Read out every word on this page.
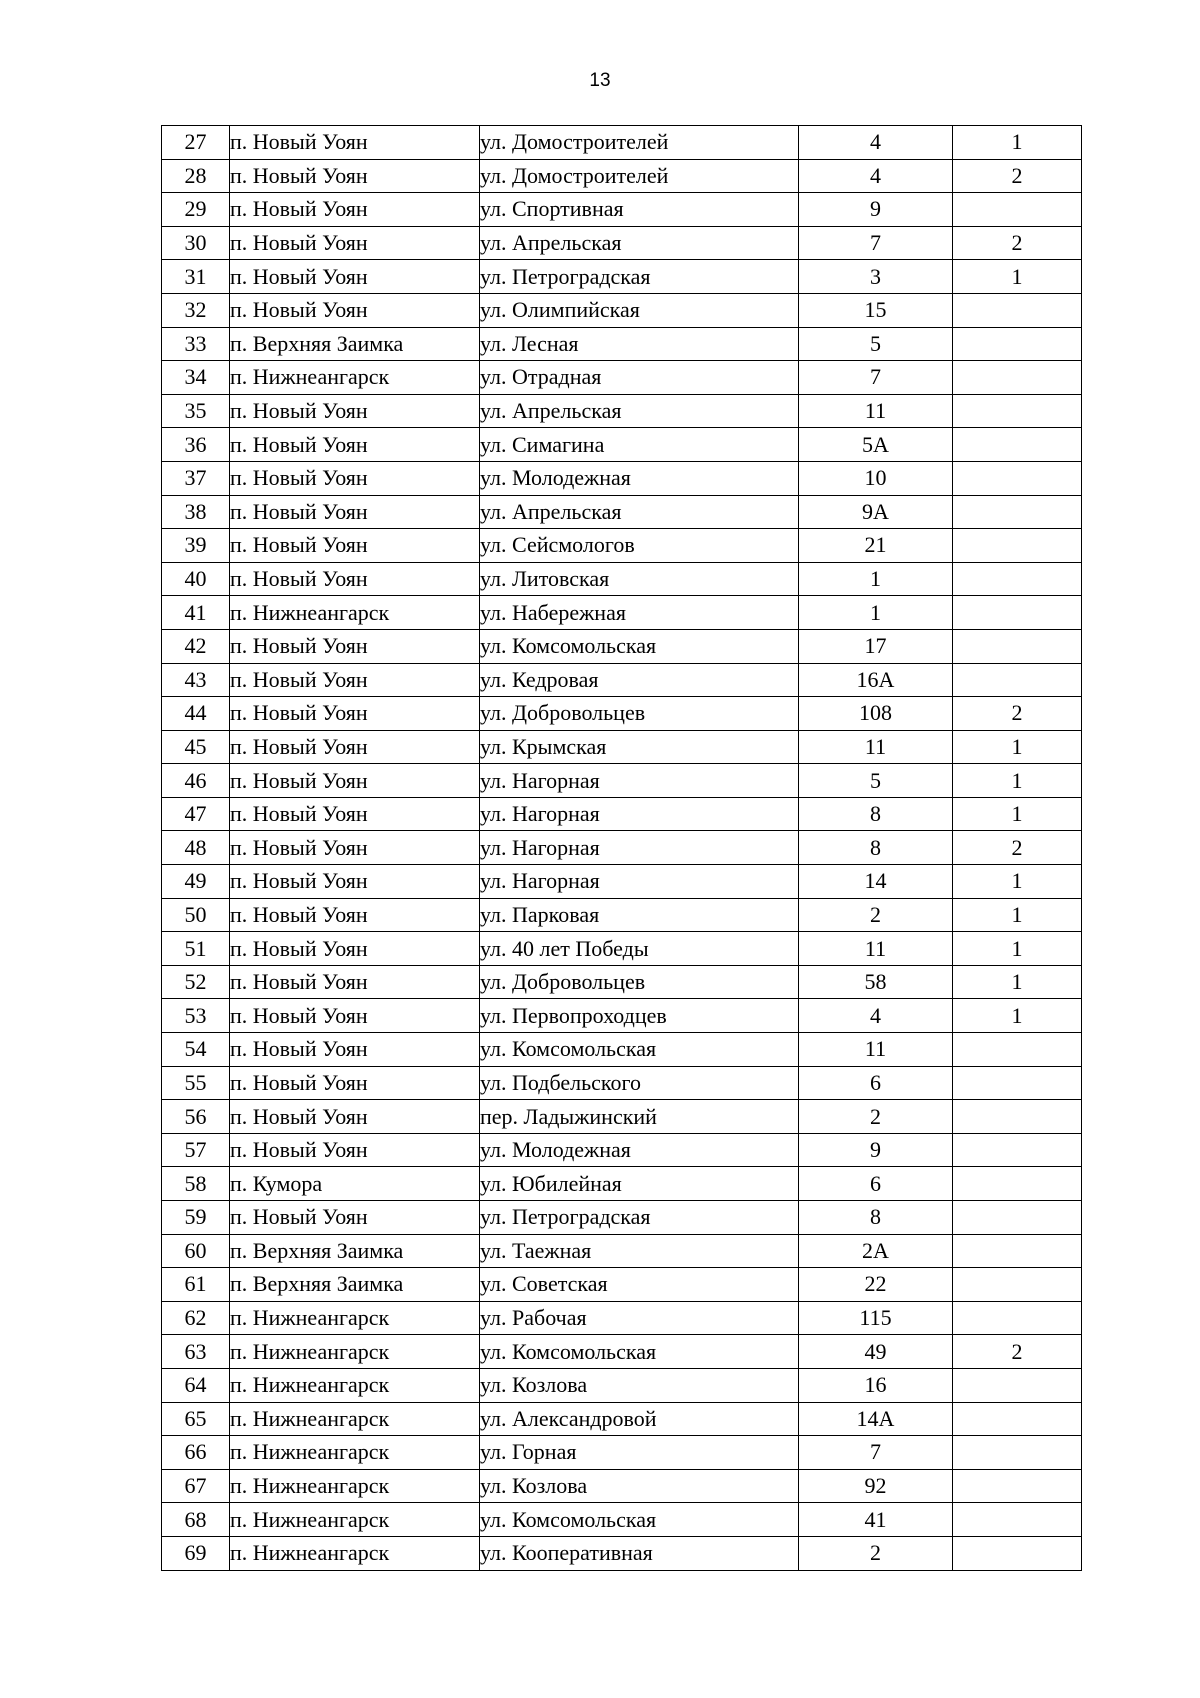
13
27	п. Новый Уоян	ул. Домостроителей	4	1
28	п. Новый Уоян	ул. Домостроителей	4	2
29	п. Новый Уоян	ул. Спортивная	9	
30	п. Новый Уоян	ул. Апрельская	7	2
31	п. Новый Уоян	ул. Петроградская	3	1
32	п. Новый Уоян	ул. Олимпийская	15	
33	п. Верхняя Заимка	ул. Лесная	5	
34	п. Нижнеангарск	ул. Отрадная	7	
35	п. Новый Уоян	ул. Апрельская	11	
36	п. Новый Уоян	ул. Симагина	5А	
37	п. Новый Уоян	ул. Молодежная	10	
38	п. Новый Уоян	ул. Апрельская	9А	
39	п. Новый Уоян	ул. Сейсмологов	21	
40	п. Новый Уоян	ул. Литовская	1	
41	п. Нижнеангарск	ул. Набережная	1	
42	п. Новый Уоян	ул. Комсомольская	17	
43	п. Новый Уоян	ул. Кедровая	16А	
44	п. Новый Уоян	ул. Добровольцев	108	2
45	п. Новый Уоян	ул. Крымская	11	1
46	п. Новый Уоян	ул. Нагорная	5	1
47	п. Новый Уоян	ул. Нагорная	8	1
48	п. Новый Уоян	ул. Нагорная	8	2
49	п. Новый Уоян	ул. Нагорная	14	1
50	п. Новый Уоян	ул. Парковая	2	1
51	п. Новый Уоян	ул. 40 лет Победы	11	1
52	п. Новый Уоян	ул. Добровольцев	58	1
53	п. Новый Уоян	ул. Первопроходцев	4	1
54	п. Новый Уоян	ул. Комсомольская	11	
55	п. Новый Уоян	ул. Подбельского	6	
56	п. Новый Уоян	пер. Ладыжинский	2	
57	п. Новый Уоян	ул. Молодежная	9	
58	п. Кумора	ул. Юбилейная	6	
59	п. Новый Уоян	ул. Петроградская	8	
60	п. Верхняя Заимка	ул. Таежная	2А	
61	п. Верхняя Заимка	ул. Советская	22	
62	п. Нижнеангарск	ул. Рабочая	115	
63	п. Нижнеангарск	ул. Комсомольская	49	2
64	п. Нижнеангарск	ул. Козлова	16	
65	п. Нижнеангарск	ул. Александровой	14А	
66	п. Нижнеангарск	ул. Горная	7	
67	п. Нижнеангарск	ул. Козлова	92	
68	п. Нижнеангарск	ул. Комсомольская	41	
69	п. Нижнеангарск	ул. Кооперативная	2	
